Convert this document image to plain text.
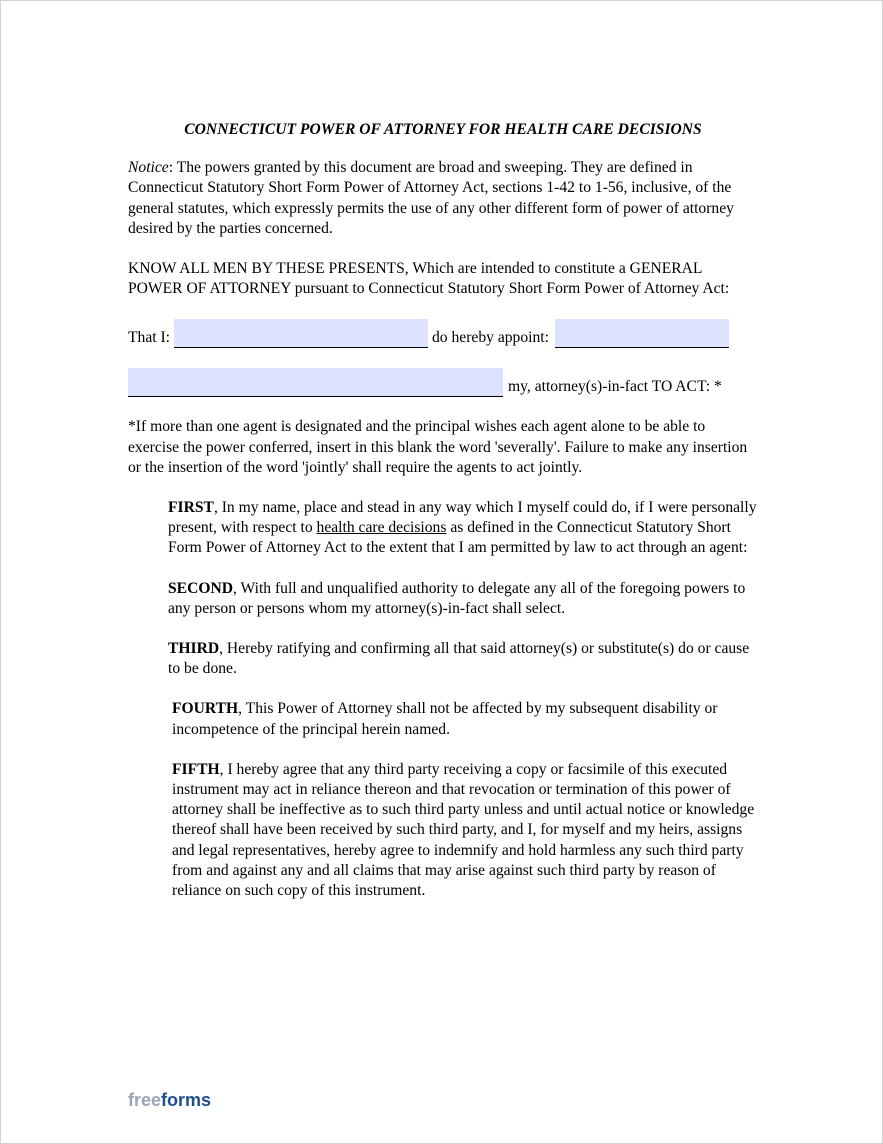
CONNECTICUT POWER OF ATTORNEY FOR HEALTH CARE DECISIONS

Notice: The powers granted by this document are broad and sweeping. They are defined in Connecticut Statutory Short Form Power of Attorney Act, sections 1-42 to 1-56, inclusive, of the general statutes, which expressly permits the use of any other different form of power of attorney desired by the parties concerned.

KNOW ALL MEN BY THESE PRESENTS, Which are intended to constitute a GENERAL POWER OF ATTORNEY pursuant to Connecticut Statutory Short Form Power of Attorney Act:

That I:	do hereby appoint:
my, attorney(s)-in-fact TO ACT: *

*If more than one agent is designated and the principal wishes each agent alone to be able to exercise the power conferred, insert in this blank the word 'severally'. Failure to make any insertion or the insertion of the word 'jointly' shall require the agents to act jointly.

FIRST, In my name, place and stead in any way which I myself could do, if I were personally present, with respect to health care decisions as defined in the Connecticut Statutory Short Form Power of Attorney Act to the extent that I am permitted by law to act through an agent:

SECOND, With full and unqualified authority to delegate any all of the foregoing powers to any person or persons whom my attorney(s)-in-fact shall select.

THIRD, Hereby ratifying and confirming all that said attorney(s) or substitute(s) do or cause to be done.

FOURTH, This Power of Attorney shall not be affected by my subsequent disability or incompetence of the principal herein named.

FIFTH, I hereby agree that any third party receiving a copy or facsimile of this executed instrument may act in reliance thereon and that revocation or termination of this power of attorney shall be ineffective as to such third party unless and until actual notice or knowledge thereof shall have been received by such third party, and I, for myself and my heirs, assigns and legal representatives, hereby agree to indemnify and hold harmless any such third party from and against any and all claims that may arise against such third party by reason of reliance on such copy of this instrument.

freeforms
